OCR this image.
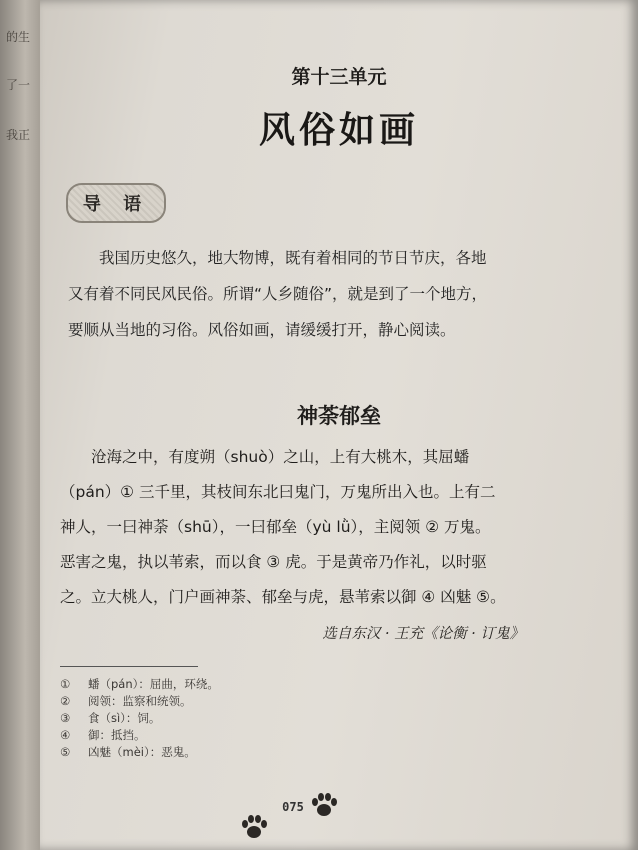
的生
了一
我正
第十三单元
风俗如画
导 语

我国历史悠久，地大物博，既有着相同的节日节庆，各地
又有着不同民风民俗。所谓“人乡随俗”，就是到了一个地方，
要顺从当地的习俗。风俗如画，请缓缓打开，静心阅读。

神荼郁垒
沧海之中，有度朔（shuò）之山，上有大桃木，其屈蟠
（pán）① 三千里，其枝间东北曰鬼门，万鬼所出入也。上有二
神人，一曰神荼（shū），一曰郁垒（yù lǜ），主阅领 ② 万鬼。
恶害之鬼，执以苇索，而以食 ③ 虎。于是黄帝乃作礼，以时驱
之。立大桃人，门户画神荼、郁垒与虎，悬苇索以御 ④ 凶魅 ⑤。
选自东汉 · 王充《论衡 · 订鬼》
① 蟠（pán）：屈曲，环绕。
② 阅领：监察和统领。
③ 食（sì）：饲。
④ 御：抵挡。
⑤ 凶魅（mèi）：恶鬼。
075
